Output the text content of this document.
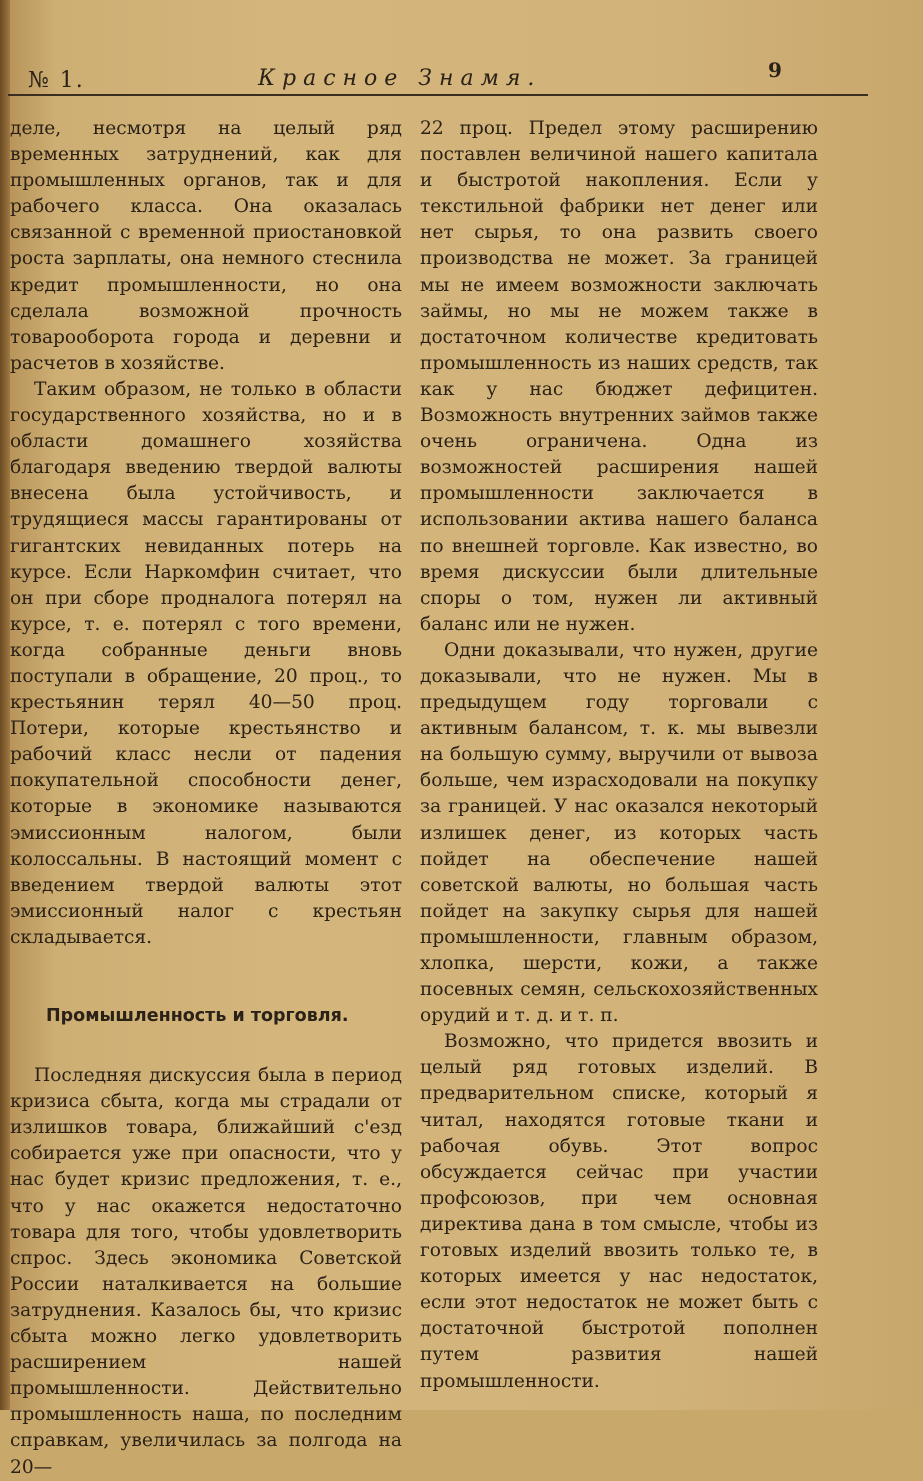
№ 1.	Красное Знамя.	9

деле, несмотря на целый ряд временных затруднений, как для промышленных органов, так и для рабочего класса. Она оказалась связанной с временной приостановкой роста зарплаты, она немного стеснила кредит промышленности, но она сделала возможной прочность товарооборота города и деревни и расчетов в хозяйстве.

Таким образом, не только в области государственного хозяйства, но и в области домашнего хозяйства благодаря введению твердой валюты внесена была устойчивость, и трудящиеся массы гарантированы от гигантских невиданных потерь на курсе. Если Наркомфин считает, что он при сборе продналога потерял на курсе, т. е. потерял с того времени, когда собранные деньги вновь поступали в обращение, 20 проц., то крестьянин терял 40—50 проц. Потери, которые крестьянство и рабочий класс несли от падения покупательной способности денег, которые в экономике называются эмиссионным налогом, были колоссальны. В настоящий момент с введением твердой валюты этот эмиссионный налог с крестьян складывается.

Промышленность и торговля.

Последняя дискуссия была в период кризиса сбыта, когда мы страдали от излишков товара, ближайший с'езд собирается уже при опасности, что у нас будет кризис предложения, т. е., что у нас окажется недостаточно товара для того, чтобы удовлетворить спрос. Здесь экономика Советской России наталкивается на большие затруднения. Казалось бы, что кризис сбыта можно легко удовлетворить расширением нашей промышленности. Действительно промышленность наша, по последним справкам, увеличилась за полгода на 20—

22 проц. Предел этому расширению поставлен величиной нашего капитала и быстротой накопления. Если у текстильной фабрики нет денег или нет сырья, то она развить своего производства не может. За границей мы не имеем возможности заключать займы, но мы не можем также в достаточном количестве кредитовать промышленность из наших средств, так как у нас бюджет дефицитен. Возможность внутренних займов также очень ограничена. Одна из возможностей расширения нашей промышленности заключается в использовании актива нашего баланса по внешней торговле. Как известно, во время дискуссии были длительные споры о том, нужен ли активный баланс или не нужен.

Одни доказывали, что нужен, другие доказывали, что не нужен. Мы в предыдущем году торговали с активным балансом, т. к. мы вывезли на большую сумму, выручили от вывоза больше, чем израсходовали на покупку за границей. У нас оказался некоторый излишек денег, из которых часть пойдет на обеспечение нашей советской валюты, но большая часть пойдет на закупку сырья для нашей промышленности, главным образом, хлопка, шерсти, кожи, а также посевных семян, сельскохозяйственных орудий и т. д. и т. п.

Возможно, что придется ввозить и целый ряд готовых изделий. В предварительном списке, который я читал, находятся готовые ткани и рабочая обувь. Этот вопрос обсуждается сейчас при участии профсоюзов, при чем основная директива дана в том смысле, чтобы из готовых изделий ввозить только те, в которых имеется у нас недостаток, если этот недостаток не может быть с достаточной быстротой пополнен путем развития нашей промышленности.
